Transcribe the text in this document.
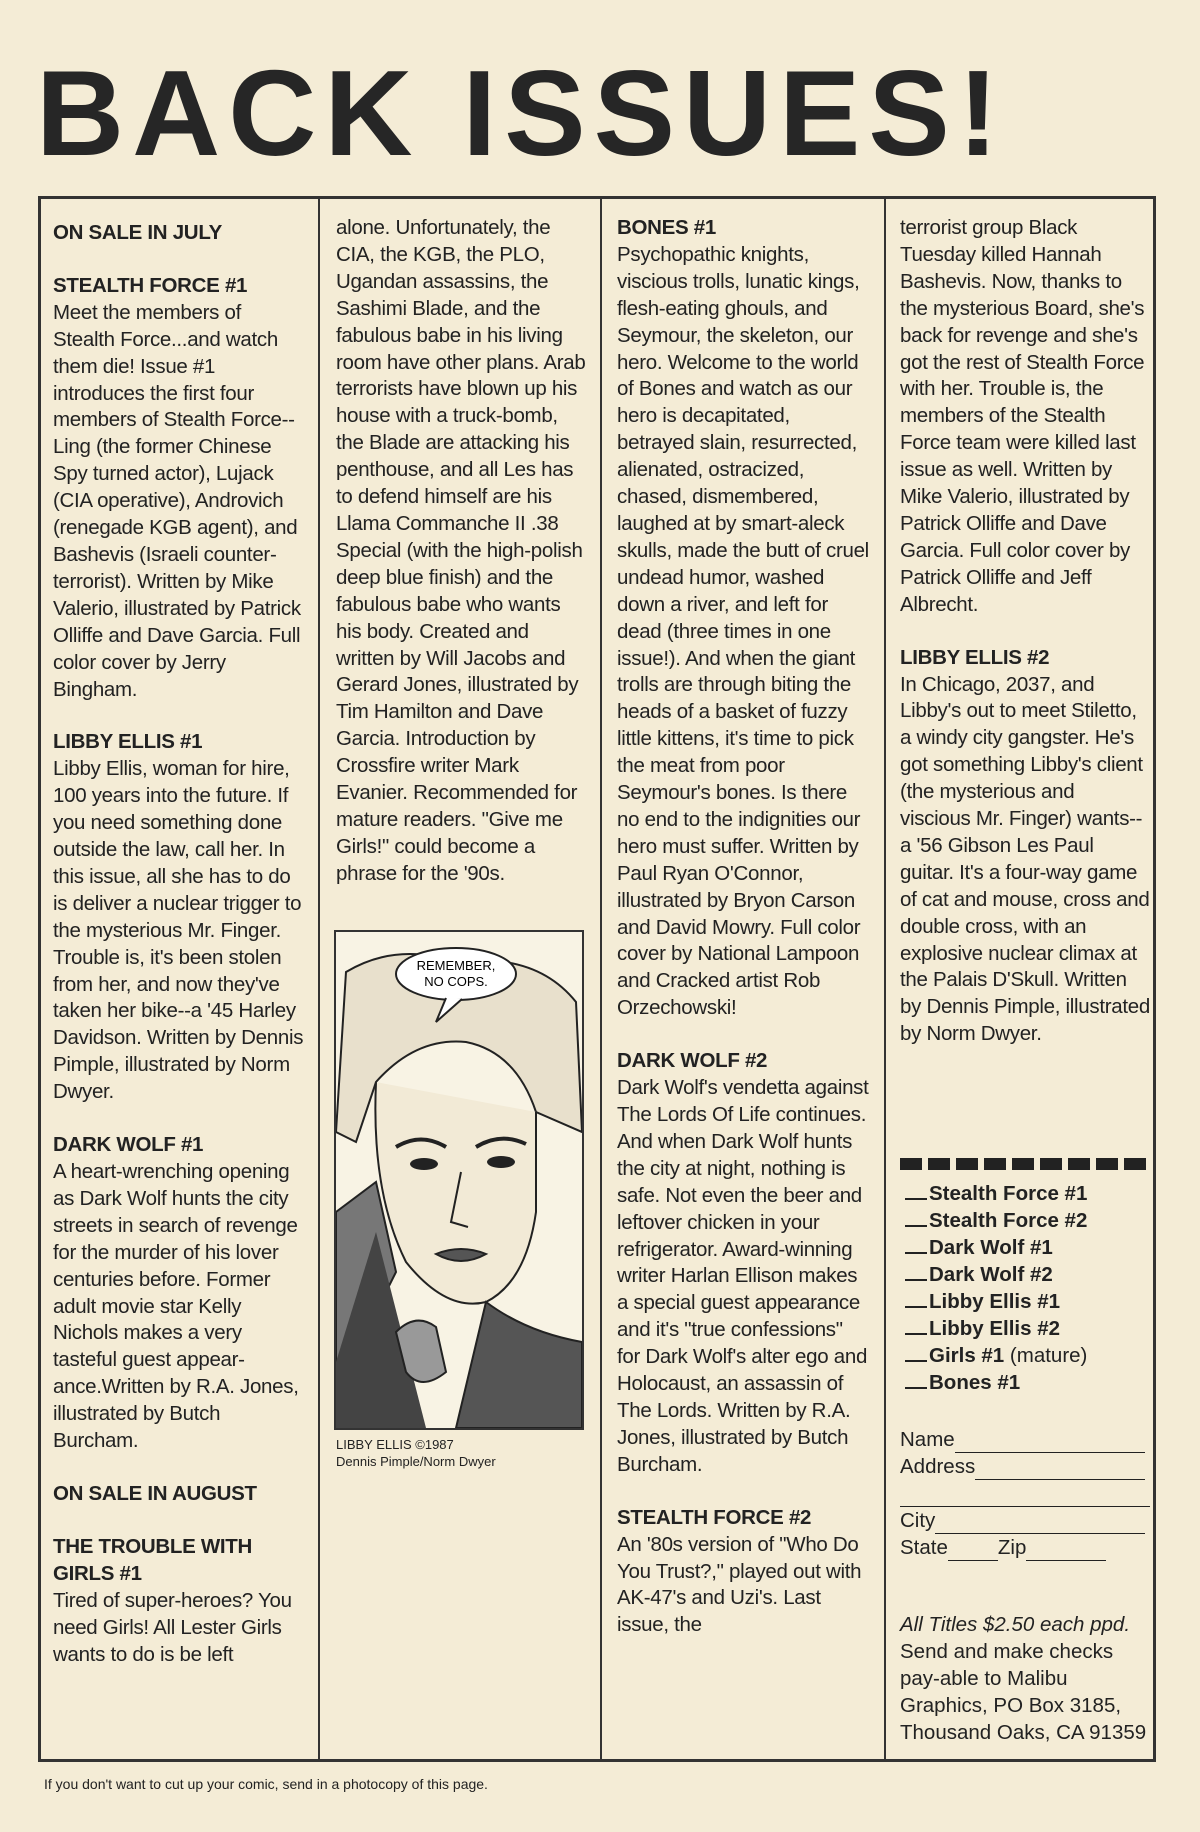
BACK ISSUES!

ON SALE IN JULY

STEALTH FORCE #1

Meet the members of Stealth Force...and watch them die! Issue #1 introduces the first four members of Stealth Force--Ling (the former Chinese Spy turned actor), Lujack (CIA operative), Androvich (renegade KGB agent), and Bashevis (Israeli counter-terrorist). Written by Mike Valerio, illustrated by Patrick Olliffe and Dave Garcia. Full color cover by Jerry Bingham.

LIBBY ELLIS #1

Libby Ellis, woman for hire, 100 years into the future. If you need something done outside the law, call her. In this issue, all she has to do is deliver a nuclear trigger to the mysterious Mr. Finger. Trouble is, it's been stolen from her, and now they've taken her bike--a '45 Harley Davidson. Written by Dennis Pimple, illustrated by Norm Dwyer.

DARK WOLF #1

A heart-wrenching opening as Dark Wolf hunts the city streets in search of revenge for the murder of his lover centuries before. Former adult movie star Kelly Nichols makes a very tasteful guest appear-ance.Written by R.A. Jones, illustrated by Butch Burcham.

ON SALE IN AUGUST

THE TROUBLE WITH GIRLS #1

Tired of super-heroes? You need Girls! All Lester Girls wants to do is be left

alone. Unfortunately, the CIA, the KGB, the PLO, Ugandan assassins, the Sashimi Blade, and the fabulous babe in his living room have other plans. Arab terrorists have blown up his house with a truck-bomb, the Blade are attacking his penthouse, and all Les has to defend himself are his Llama Commanche II .38 Special (with the high-polish deep blue finish) and the fabulous babe who wants his body. Created and written by Will Jacobs and Gerard Jones, illustrated by Tim Hamilton and Dave Garcia. Introduction by Crossfire writer Mark Evanier. Recommended for mature readers. "Give me Girls!" could become a phrase for the '90s.

REMEMBER,
NO COPS.
LIBBY ELLIS ©1987
Dennis Pimple/Norm Dwyer
BONES #1

Psychopathic knights, viscious trolls, lunatic kings, flesh-eating ghouls, and Seymour, the skeleton, our hero. Welcome to the world of Bones and watch as our hero is decapitated, betrayed slain, resurrected, alienated, ostracized, chased, dismembered, laughed at by smart-aleck skulls, made the butt of cruel undead humor, washed down a river, and left for dead (three times in one issue!). And when the giant trolls are through biting the heads of a basket of fuzzy little kittens, it's time to pick the meat from poor Seymour's bones. Is there no end to the indignities our hero must suffer. Written by Paul Ryan O'Connor, illustrated by Bryon Carson and David Mowry. Full color cover by National Lampoon and Cracked artist Rob Orzechowski!

DARK WOLF #2

Dark Wolf's vendetta against The Lords Of Life continues. And when Dark Wolf hunts the city at night, nothing is safe. Not even the beer and leftover chicken in your refrigerator. Award-winning writer Harlan Ellison makes a special guest appearance and it's "true confessions" for Dark Wolf's alter ego and Holocaust, an assassin of The Lords. Written by R.A. Jones, illustrated by Butch Burcham.

STEALTH FORCE #2

An '80s version of "Who Do You Trust?," played out with AK-47's and Uzi's. Last issue, the

terrorist group Black Tuesday killed Hannah Bashevis. Now, thanks to the mysterious Board, she's back for revenge and she's got the rest of Stealth Force with her. Trouble is, the members of the Stealth Force team were killed last issue as well. Written by Mike Valerio, illustrated by Patrick Olliffe and Dave Garcia. Full color cover by Patrick Olliffe and Jeff Albrecht.

LIBBY ELLIS #2

In Chicago, 2037, and Libby's out to meet Stiletto, a windy city gangster. He's got something Libby's client (the mysterious and viscious Mr. Finger) wants--a '56 Gibson Les Paul guitar. It's a four-way game of cat and mouse, cross and double cross, with an explosive nuclear climax at the Palais D'Skull. Written by Dennis Pimple, illustrated by Norm Dwyer.

Stealth Force #1
Stealth Force #2
Dark Wolf #1
Dark Wolf #2
Libby Ellis #1
Libby Ellis #2
Girls #1 (mature)
Bones #1
Name
Address
City
State Zip
All Titles $2.50 each ppd.
Send and make checks pay-able to Malibu Graphics, PO Box 3185, Thousand Oaks, CA 91359
If you don't want to cut up your comic, send in a photocopy of this page.
